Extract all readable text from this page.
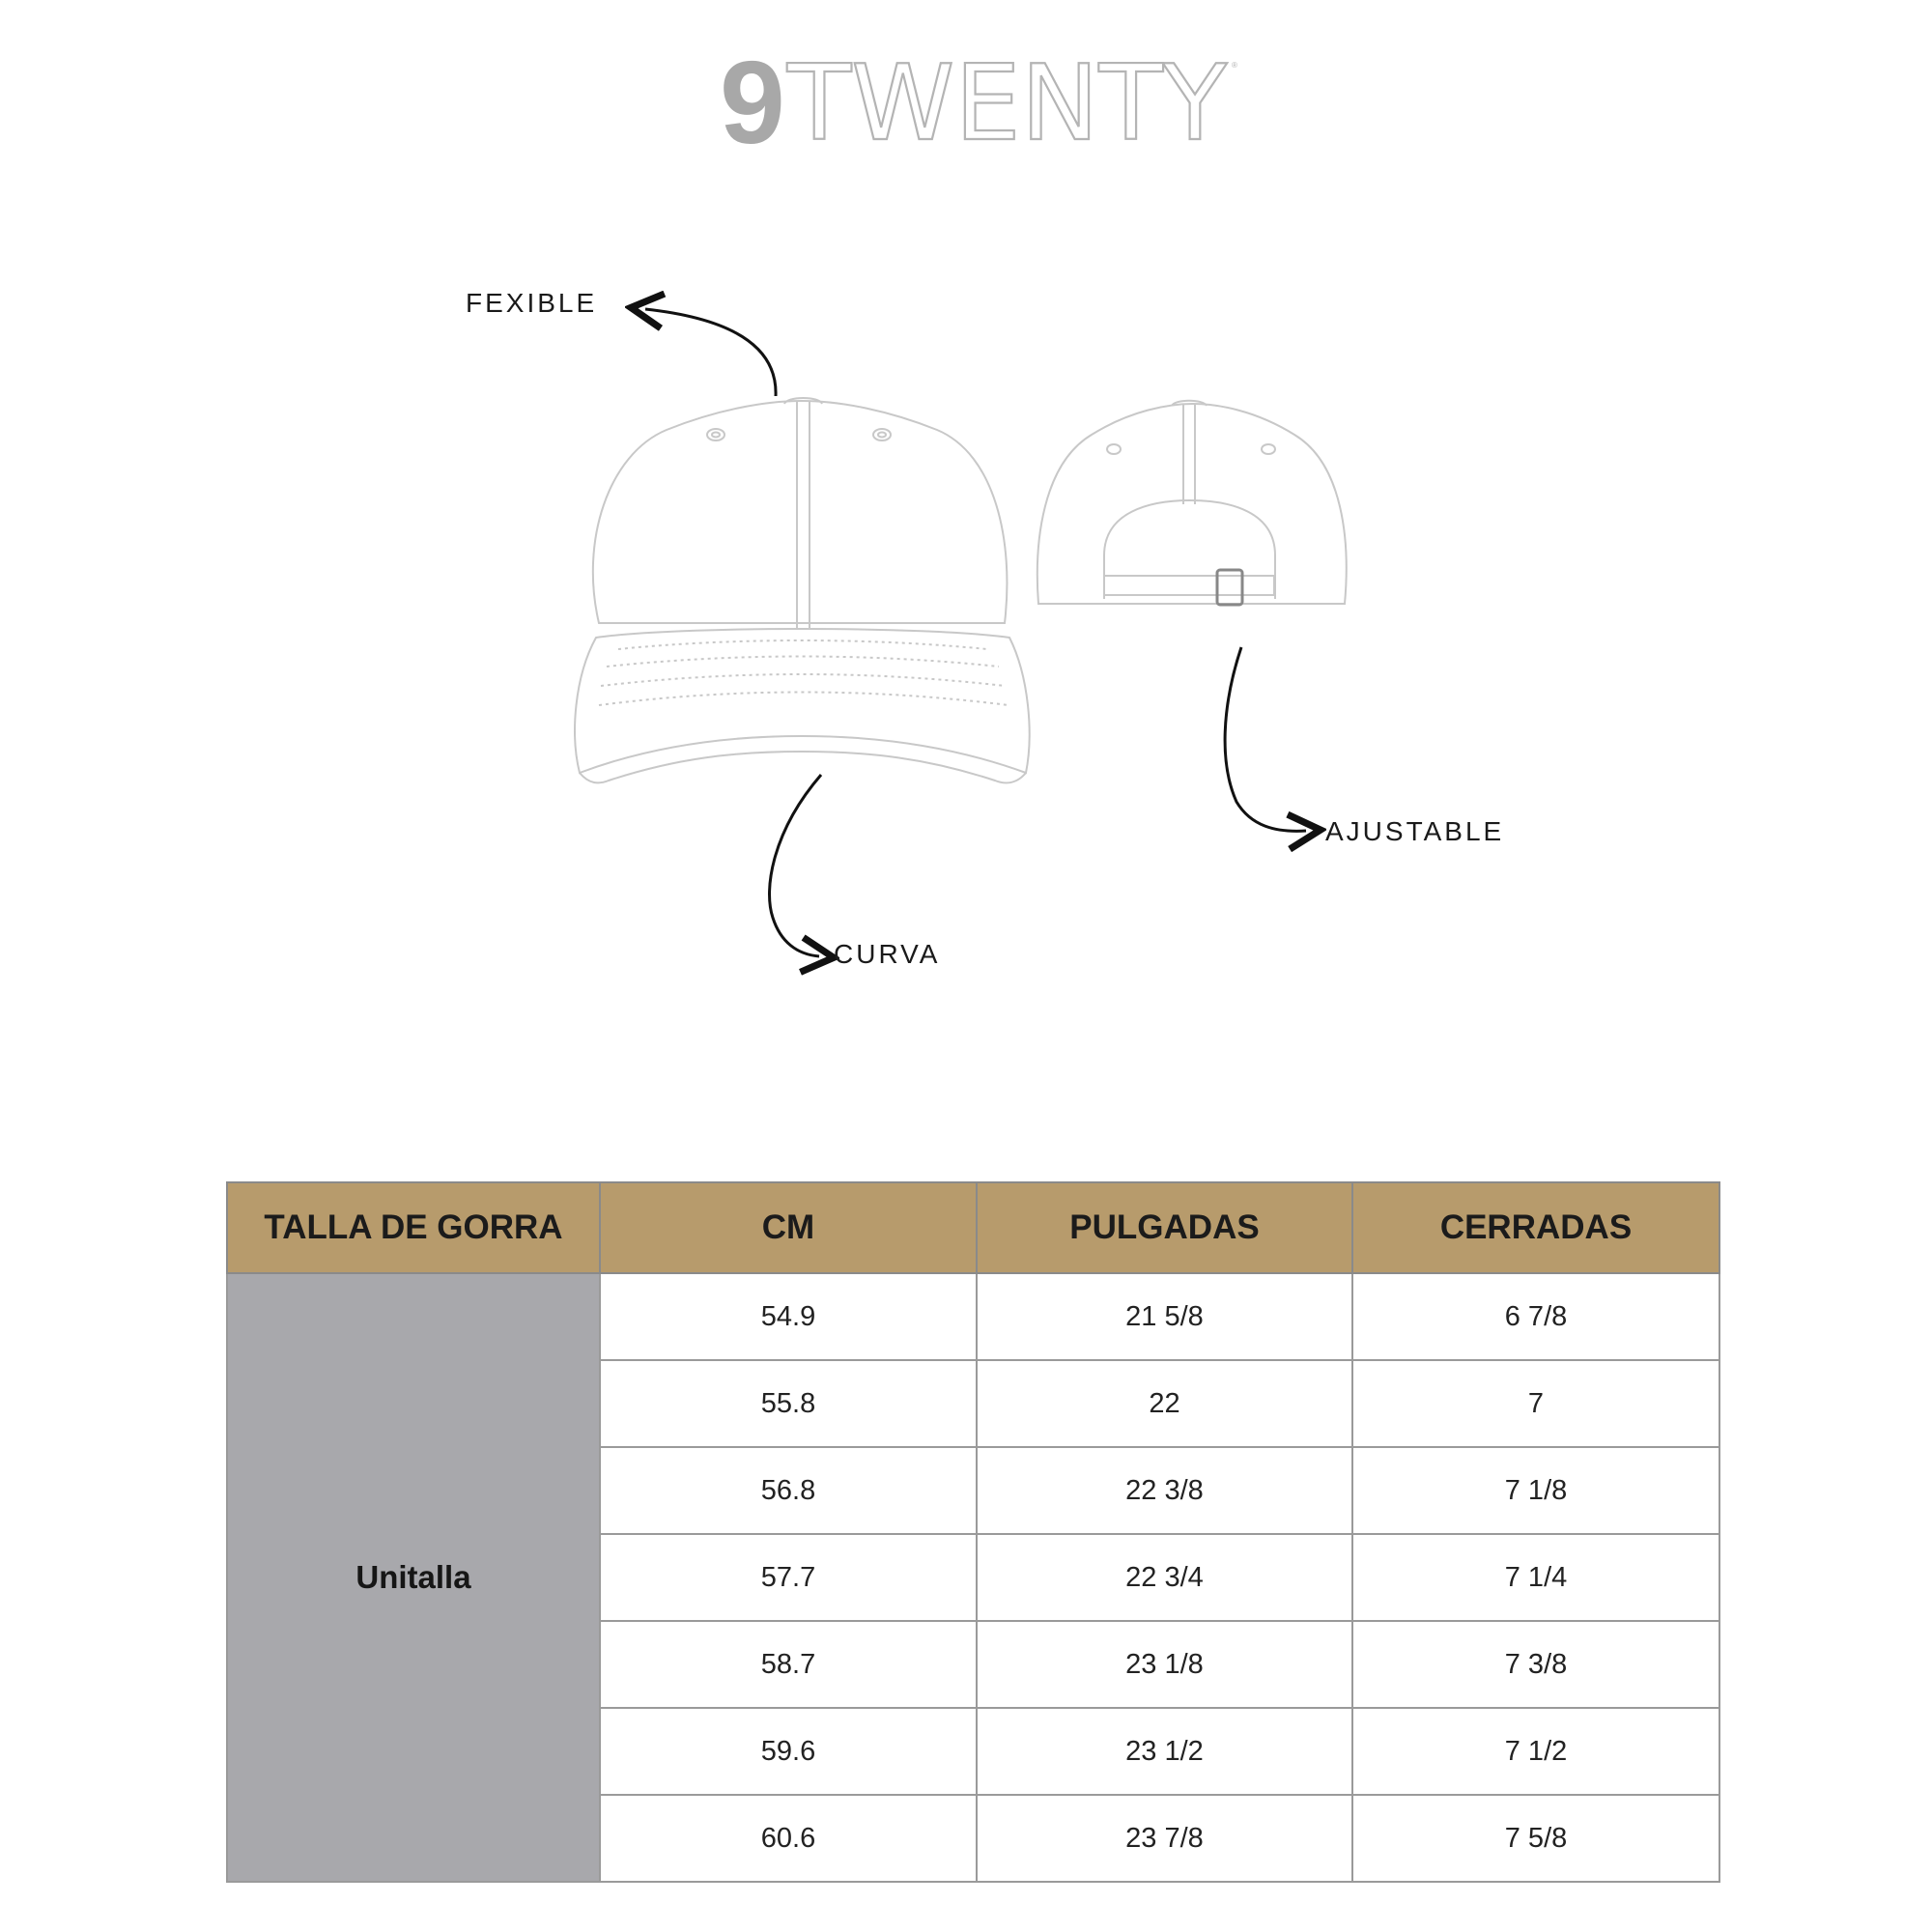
9 TWENTY ®
FEXIBLE
CURVA
AJUSTABLE
TALLA DE GORRA	CM	PULGADAS	CERRADAS
Unitalla	54.9	21 5/8	6 7/8
	55.8	22	7
	56.8	22 3/8	7 1/8
	57.7	22 3/4	7 1/4
	58.7	23 1/8	7 3/8
	59.6	23 1/2	7 1/2
	60.6	23 7/8	7 5/8
